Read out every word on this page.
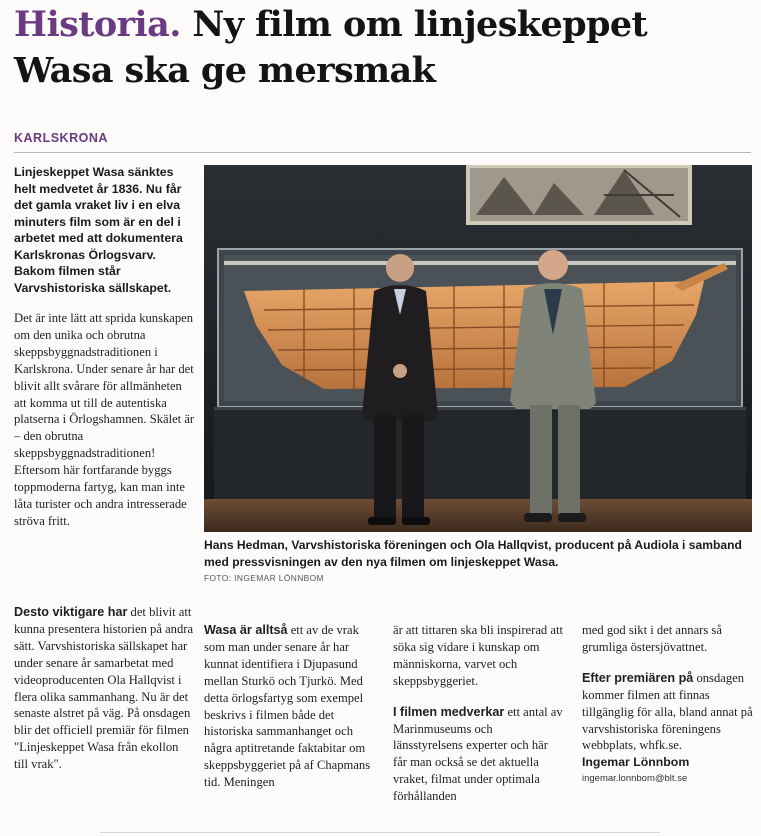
Historia. Ny film om linjeskeppet Wasa ska ge mersmak
KARLSKRONA

Linjeskeppet Wasa sänktes helt medvetet år 1836. Nu får det gamla vraket liv i en elva minuters film som är en del i arbetet med att dokumentera Karlskronas Örlogsvarv. Bakom filmen står Varvshistoriska sällskapet.

Det är inte lätt att sprida kunskapen om den unika och obrutna skeppsbyggnadstraditionen i Karlskrona. Under senare år har det blivit allt svårare för allmänheten att komma ut till de autentiska platserna i Örlogshamnen. Skälet är – den obrutna skeppsbyggnadstraditionen! Eftersom här fortfarande byggs toppmoderna fartyg, kan man inte låta turister och andra intresserade ströva fritt.

Hans Hedman, Varvshistoriska föreningen och Ola Hallqvist, producent på Audiola i samband med pressvisningen av den nya filmen om linjeskeppet Wasa.
FOTO: INGEMAR LÖNNBOM

Desto viktigare har det blivit att kunna presentera historien på andra sätt. Varvshistoriska sällskapet har under senare år samarbetat med videoproducenten Ola Hallqvist i flera olika sammanhang. Nu är det senaste alstret på väg. På onsdagen blir det officiell premiär för filmen "Linjeskeppet Wasa från ekollon till vrak".

Wasa är alltså ett av de vrak som man under senare år har kunnat identifiera i Djupasund mellan Sturkö och Tjurkö. Med detta örlogsfartyg som exempel beskrivs i filmen både det historiska sammanhanget och några aptitretande faktabitar om skeppsbyggeriet på af Chapmans tid. Meningen

är att tittaren ska bli inspirerad att söka sig vidare i kunskap om människorna, varvet och skeppsbyggeriet.

I filmen medverkar ett antal av Marinmuseums och länsstyrelsens experter och här får man också se det aktuella vraket, filmat under optimala förhållanden

med god sikt i det annars så grumliga östersjövattnet.

Efter premiären på onsdagen kommer filmen att finnas tillgänglig för alla, bland annat på varvshistoriska föreningens webbplats, whfk.se.

Ingemar Lönnbom
ingemar.lonnbom@blt.se
